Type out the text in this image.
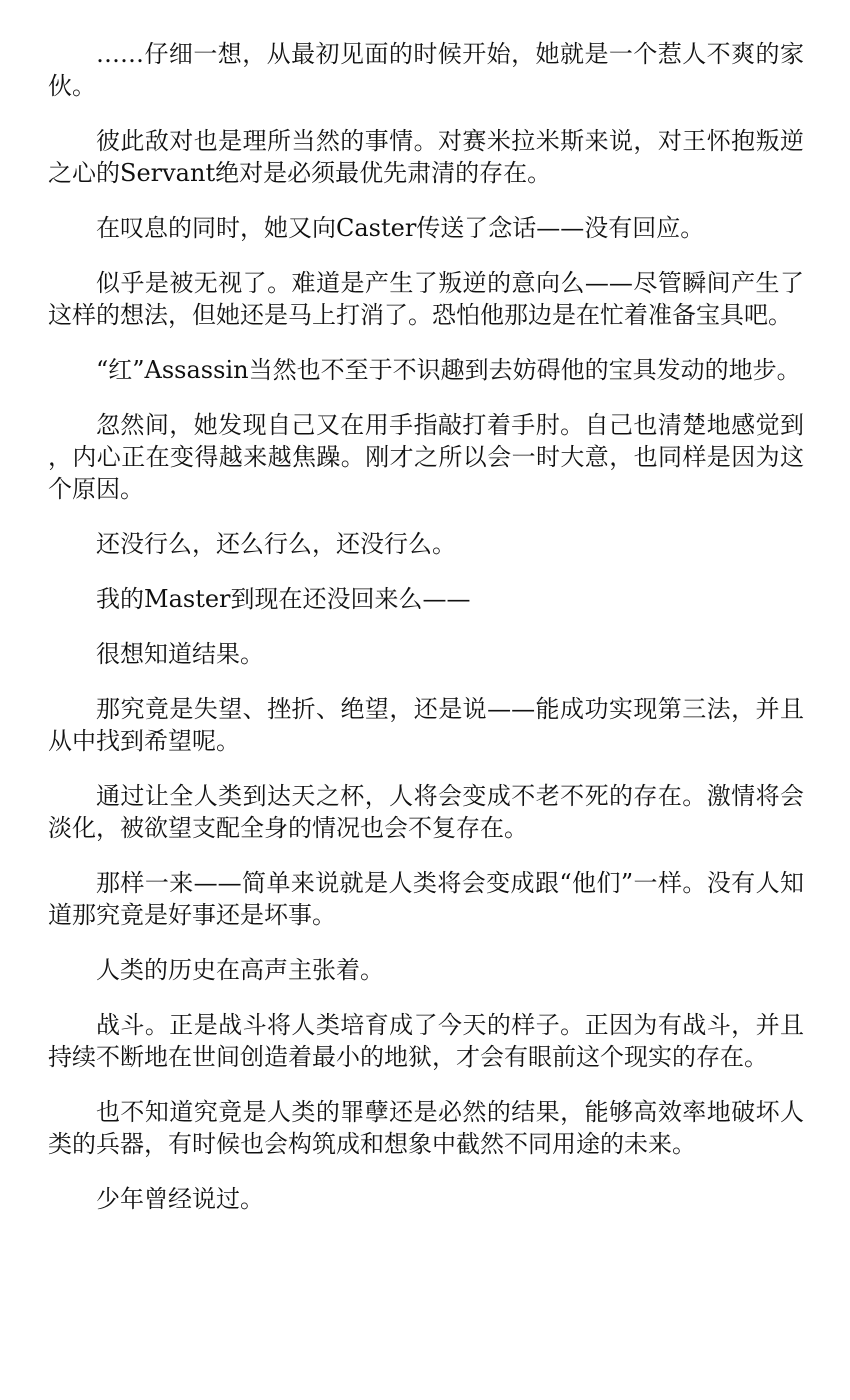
……仔细一想，从最初见面的时候开始，她就是一个惹人不爽的家伙。

彼此敌对也是理所当然的事情。对赛米拉米斯来说，对王怀抱叛逆之心的Servant绝对是必须最优先肃清的存在。

在叹息的同时，她又向Caster传送了念话——没有回应。

似乎是被无视了。难道是产生了叛逆的意向么——尽管瞬间产生了这样的想法，但她还是马上打消了。恐怕他那边是在忙着准备宝具吧。

“红”Assassin当然也不至于不识趣到去妨碍他的宝具发动的地步。

忽然间，她发现自己又在用手指敲打着手肘。自己也清楚地感觉到，内心正在变得越来越焦躁。刚才之所以会一时大意，也同样是因为这个原因。

还没行么，还么行么，还没行么。

我的Master到现在还没回来么——

很想知道结果。

那究竟是失望、挫折、绝望，还是说——能成功实现第三法，并且从中找到希望呢。

通过让全人类到达天之杯，人将会变成不老不死的存在。激情将会淡化，被欲望支配全身的情况也会不复存在。

那样一来——简单来说就是人类将会变成跟“他们”一样。没有人知道那究竟是好事还是坏事。

人类的历史在高声主张着。

战斗。正是战斗将人类培育成了今天的样子。正因为有战斗，并且持续不断地在世间创造着最小的地狱，才会有眼前这个现实的存在。

也不知道究竟是人类的罪孽还是必然的结果，能够高效率地破坏人类的兵器，有时候也会构筑成和想象中截然不同用途的未来。

少年曾经说过。
